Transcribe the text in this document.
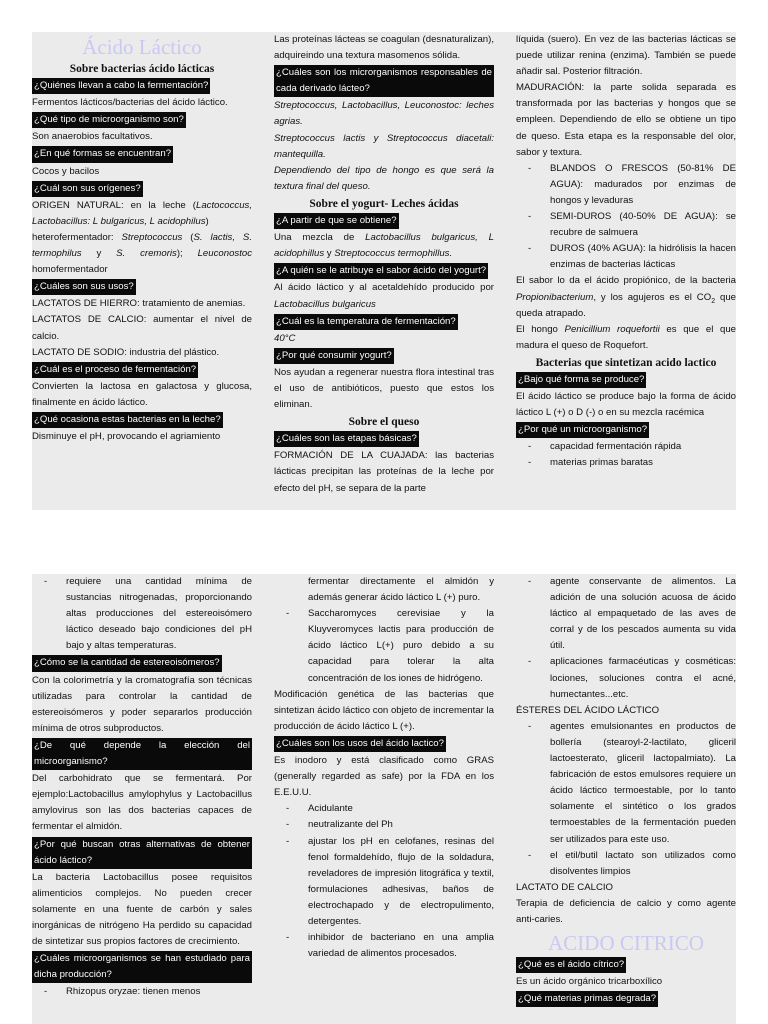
Ácido Láctico
Sobre bacterias ácido lácticas
¿Quiénes llevan a cabo la fermentación?

Fermentos lácticos/bacterias del ácido láctico.

¿Qué tipo de microorganismo son?

Son anaerobios facultativos.

¿En qué formas se encuentran?

Cocos y bacilos

¿Cuál son sus orígenes?

ORIGEN NATURAL: en la leche (Lactococcus, Lactobacillus: L bulgaricus, L acidophilus)

heterofermentador: Streptococcus (S. lactis, S. termophilus y S. cremoris); Leuconostoc homofermentador

¿Cuáles son sus usos?

LACTATOS DE HIERRO: tratamiento de anemias.

LACTATOS DE CALCIO: aumentar el nivel de calcio.

LACTATO DE SODIO: industria del plástico.

¿Cuál es el proceso de fermentación?

Convierten la lactosa en galactosa y glucosa, finalmente en ácido láctico.

¿Qué ocasiona estas bacterias en la leche?

Disminuye el pH, provocando el agriamiento

Las proteínas lácteas se coagulan (desnaturalizan), adquireindo una textura masomenos sólida.

¿Cuáles son los microrganismos responsables de cada derivado lácteo?

Streptococcus, Lactobacillus, Leuconostoc: leches agrias.

Streptococcus lactis y Streptococcus diacetali: mantequilla.

Dependiendo del tipo de hongo es que será la textura final del queso.

Sobre el yogurt- Leches ácidas
¿A partir de que se obtiene?

Una mezcla de Lactobacillus bulgaricus, L acidophillus y Streptococcus termophillus.

¿A quién se le atribuye el sabor ácido del yogurt?

Al ácido láctico y al acetaldehído producido por Lactobacillus bulgaricus

¿Cuál es la temperatura de fermentación?

40°C

¿Por qué consumir yogurt?

Nos ayudan a regenerar nuestra flora intestinal tras el uso de antibióticos, puesto que estos los eliminan.

Sobre el queso
¿Cuáles son las etapas básicas?

FORMACIÓN DE LA CUAJADA: las bacterias lácticas precipitan las proteínas de la leche por efecto del pH, se separa de la parte

líquida (suero). En vez de las bacterias lácticas se puede utilizar renina (enzima). También se puede añadir sal. Posterior filtración.

MADURACIÓN: la parte solida separada es transformada por las bacterias y hongos que se empleen. Dependiendo de ello se obtiene un tipo de queso. Esta etapa es la responsable del olor, sabor y textura.

- BLANDOS O FRESCOS (50-81% DE AGUA): madurados por enzimas de hongos y levaduras
- SEMI-DUROS (40-50% DE AGUA): se recubre de salmuera
- DUROS (40% AGUA): la hidrólisis la hacen enzimas de bacterias lácticas

El sabor lo da el ácido propiónico, de la bacteria Propionibacterium, y los agujeros es el $CO_2$ que queda atrapado.

El hongo Penicillium roquefortii es que el que madura el queso de Roquefort.

Bacterias que sintetizan acido lactico
¿Bajo qué forma se produce?

El ácido láctico se produce bajo la forma de ácido láctico L (+) o D (-) o en su mezcla racémica

¿Por qué un microorganismo?
- capacidad fermentación rápida
- materias primas baratas
- requiere una cantidad mínima de sustancias nitrogenadas, proporcionando altas producciones del estereoisómero láctico deseado bajo condiciones del pH bajo y altas temperaturas.
¿Cómo se la cantidad de estereoisómeros?

Con la colorimetría y la cromatografía son técnicas utilizadas para controlar la cantidad de estereoisómeros y poder separarlos producción mínima de otros subproductos.

¿De qué depende la elección del microorganismo?

Del carbohidrato que se fermentará. Por ejemplo:Lactobacillus amylophylus y Lactobacillus amylovirus son las dos bacterias capaces de fermentar el almidón.

¿Por qué buscan otras alternativas de obtener ácido láctico?

La bacteria Lactobacillus posee requisitos alimenticios complejos. No pueden crecer solamente en una fuente de carbón y sales inorgánicas de nitrógeno Ha perdido su capacidad de sintetizar sus propios factores de crecimiento.

¿Cuáles microorganismos se han estudiado para dicha producción?
- Rhizopus oryzae: tienen menos

fermentar directamente el almidón y además generar ácido láctico L (+) puro.

- Saccharomyces cerevisiae y la Kluyveromyces lactis para producción de ácido láctico L(+) puro debido a su capacidad para tolerar la alta concentración de los iones de hidrógeno.

Modificación genética de las bacterias que sintetizan ácido láctico con objeto de incrementar la producción de ácido láctico L (+).

¿Cuáles son los usos del ácido lactico?

Es inodoro y está clasificado como GRAS (generally regarded as safe) por la FDA en los E.E.U.U.

- Acidulante
- neutralizante del Ph
- ajustar los pH en celofanes, resinas del fenol formaldehído, flujo de la soldadura, reveladores de impresión litográfica y textil, formulaciones adhesivas, baños de electrochapado y de electropulimento, detergentes.
- inhibidor de bacteriano en una amplia variedad de alimentos procesados.
- agente conservante de alimentos. La adición de una solución acuosa de ácido láctico al empaquetado de las aves de corral y de los pescados aumenta su vida útil.
- aplicaciones farmacéuticas y cosméticas: lociones, soluciones contra el acné, humectantes...etc.

ÉSTERES DEL ÁCIDO LÁCTICO

- agentes emulsionantes en productos de bollería (stearoyl-2-lactilato, gliceril lactoesterato, gliceril lactopalmiato). La fabricación de estos emulsores requiere un ácido láctico termoestable, por lo tanto solamente el sintético o los grados termoestables de la fermentación pueden ser utilizados para este uso.
- el etil/butil lactato son utilizados como disolventes limpios

LACTATO DE CALCIO

Terapia de deficiencia de calcio y como agente anti-caries.

ACIDO CITRICO
¿Qué es el ácido cítrico?

Es un ácido orgánico tricarboxílico

¿Qué materias primas degrada?
